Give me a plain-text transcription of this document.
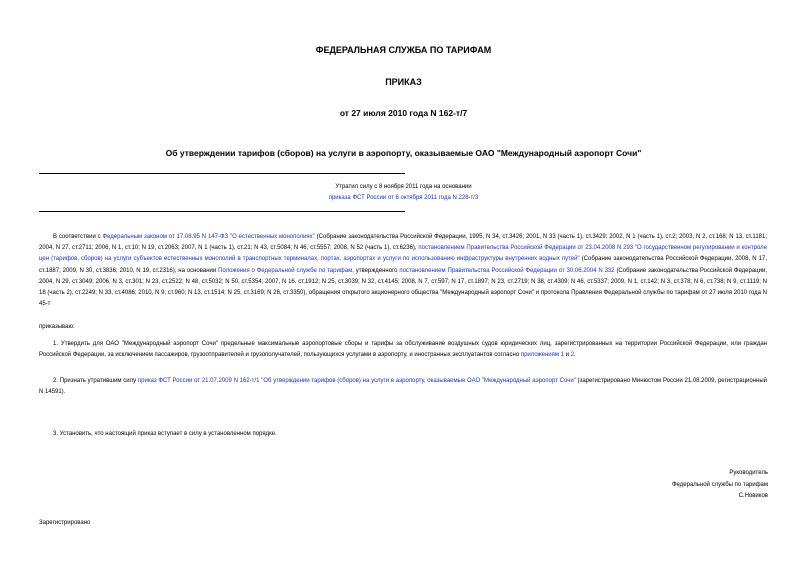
ФЕДЕРАЛЬНАЯ СЛУЖБА ПО ТАРИФАМ
ПРИКАЗ
от 27 июля 2010 года N 162-т/7
Об утверждении тарифов (сборов) на услуги в аэропорту, оказываемые ОАО "Международный аэропорт Сочи"
Утратил силу с 8 ноября 2011 года на основании
приказа ФСТ России от 6 октября 2011 года N 228-т/3
В соответствии с Федеральным законом от 17.08.95 N 147-ФЗ "О естественных монополиях" (Собрание законодательства Российской Федерации, 1995, N 34, ст.3426; 2001, N 33 (часть 1), ст.3429; 2002, N 1 (часть 1), ст.2; 2003, N 2, ст.168; N 13, ст.1181; 2004, N 27, ст.2711; 2006, N 1, ст.10; N 19, ст.2063; 2007, N 1 (часть 1), ст.21; N 43, ст.5084; N 46, ст.5557; 2008, N 52 (часть 1), ст.6236), постановлением Правительства Российской Федерации от 23.04.2008 N 293 "О государственном регулировании и контроле цен (тарифов, сборов) на услуги субъектов естественных монополий в транспортных терминалах, портах, аэропортах и услуги по использованию инфраструктуры внутренних водных путей" (Собрание законодательства Российской Федерации, 2008, N 17, ст.1887; 2009, N 30, ст.3836; 2010, N 19, ст.2316), на основании Положения о Федеральной службе по тарифам, утвержденного постановлением Правительства Российской Федерации от 30.06.2004 N 332 (Собрание законодательства Российской Федерации, 2004, N 29, ст.3049; 2006, N 3, ст.301; N 23, ст.2522; N 48, ст.5032; N 50, ст.5354; 2007, N 16, ст.1912; N 25, ст.3039; N 32, ст.4145; 2008, N 7, ст.597; N 17, ст.1897; N 23, ст.2719; N 38, ст.4309; N 46, ст.5337; 2009, N 1, ст.142; N 3, ст.378; N 6, ст.738; N 9, ст.1119; N 18 (часть 2), ст.2249; N 33, ст.4086; 2010, N 9, ст.960; N 13, ст.1514; N 25, ст.3169; N 26, ст.3350), обращения открытого акционерного общества "Международный аэропорт Сочи" и протокола Правления Федеральной службы по тарифам от 27 июля 2010 года N 45-т
приказываю:
1. Утвердить для ОАО "Международный аэропорт Сочи" предельные максимальные аэропортовые сборы и тарифы за обслуживание воздушных судов юридических лиц, зарегистрированных на территории Российской Федерации, или граждан Российской Федерации, за исключением пассажиров, грузоотправителей и грузополучателей, пользующихся услугами в аэропорту, и иностранных эксплуатантов согласно приложениям 1 и 2.
2. Признать утратившим силу приказ ФСТ России от 21.07.2009 N 162-т/1 "Об утверждении тарифов (сборов) на услуги в аэропорту, оказываемые ОАО "Международный аэропорт Сочи" (зарегистрировано Минюстом России 21.08.2009, регистрационный N 14591).
3. Установить, что настоящий приказ вступает в силу в установленном порядке.
Руководитель
Федеральной службы по тарифам
С.Новиков
Зарегистрировано
